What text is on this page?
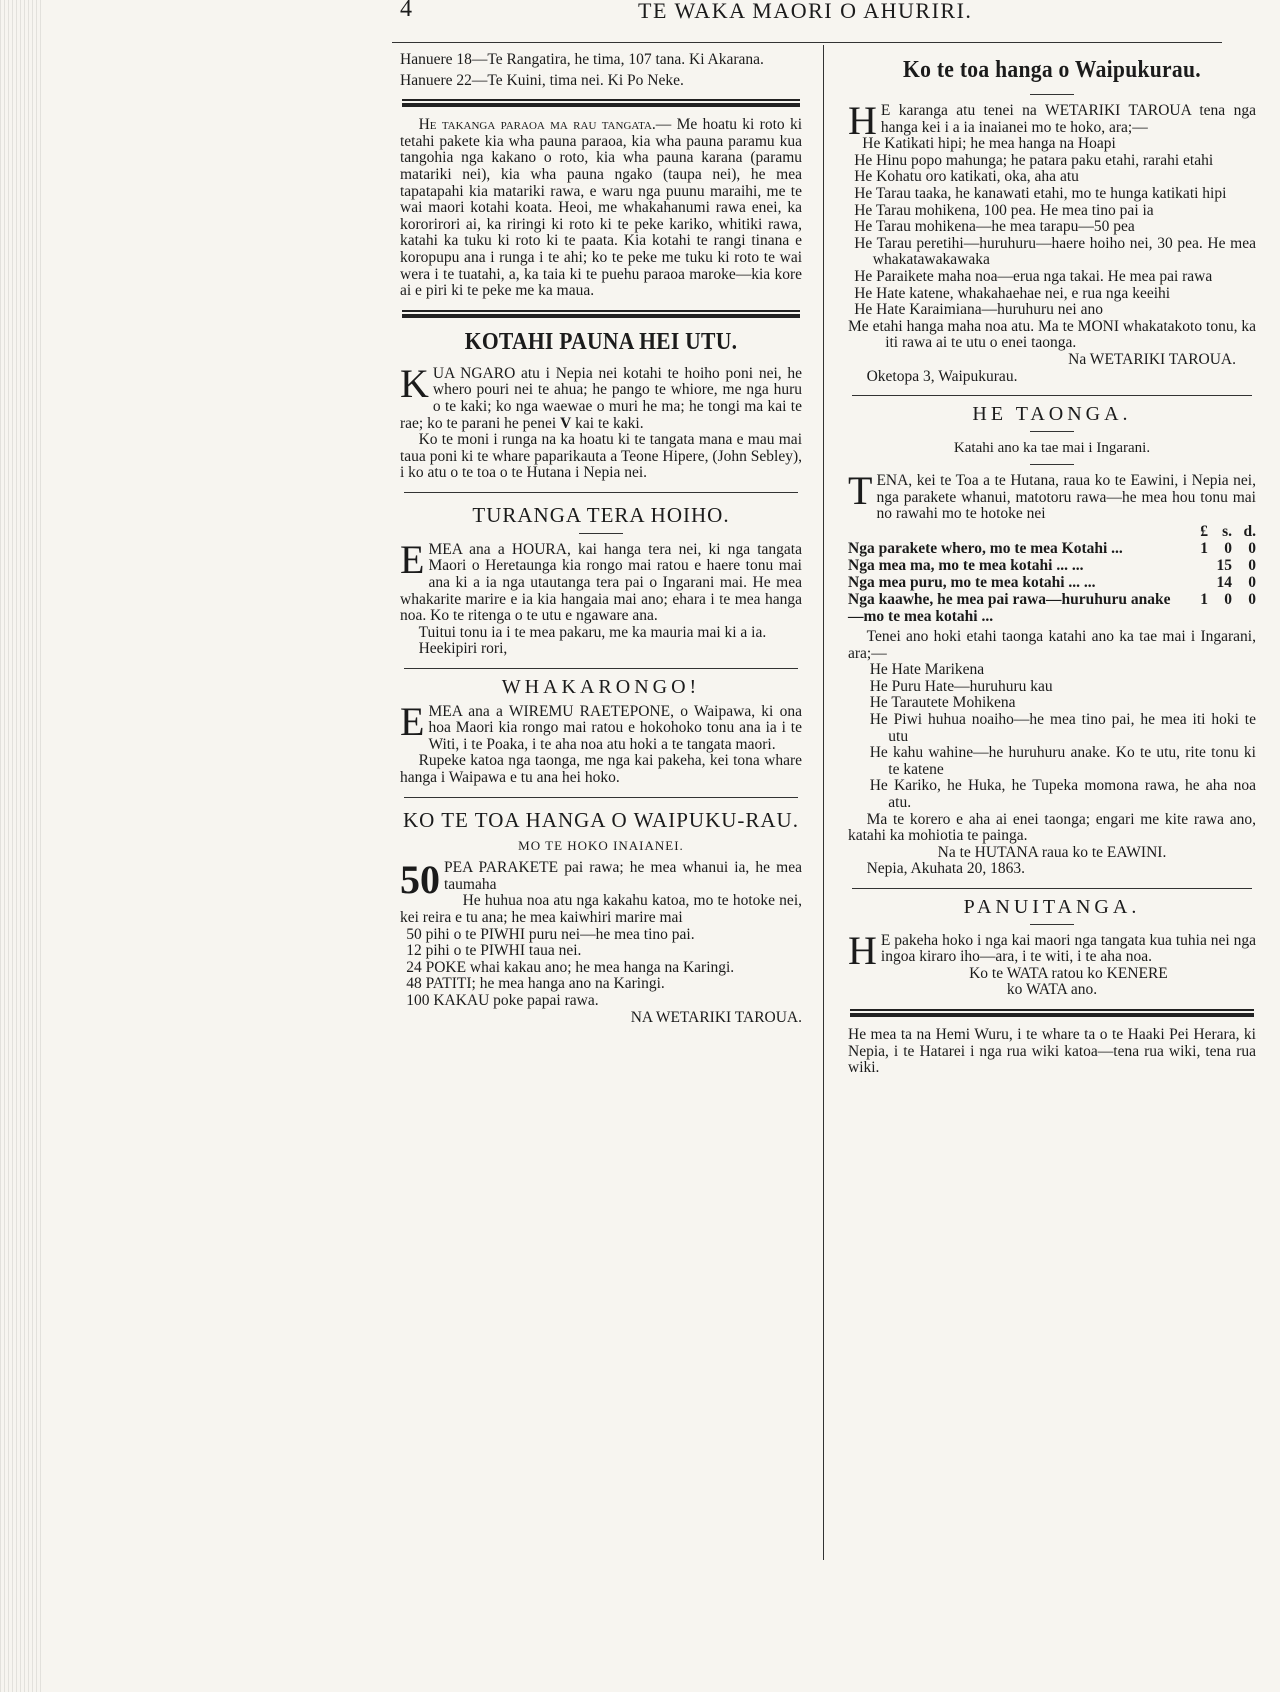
4	TE WAKA MAORI O AHURIRI.

Hanuere 18—Te Rangatira, he tima, 107 tana. Ki Akarana.

Hanuere 22—Te Kuini, tima nei. Ki Po Neke.

He takanga paraoa ma rau tangata.— Me hoatu ki roto ki tetahi pakete kia wha pauna paraoa, kia wha pauna paramu kua tangohia nga kakano o roto, kia wha pauna karana (paramu matariki nei), kia wha pauna ngako (taupa nei), he mea tapatapahi kia matariki rawa, e waru nga puunu maraihi, me te wai maori kotahi koata. Heoi, me whakahanumi rawa enei, ka kororirori ai, ka riringi ki roto ki te peke kariko, whitiki rawa, katahi ka tuku ki roto ki te paata. Kia kotahi te rangi tinana e koropupu ana i runga i te ahi; ko te peke me tuku ki roto te wai wera i te tuatahi, a, ka taia ki te puehu paraoa maroke—kia kore ai e piri ki te peke me ka maua.

KOTAHI PAUNA HEI UTU.

KUA NGARO atu i Nepia nei kotahi te hoiho poni nei, he whero pouri nei te ahua; he pango te whiore, me nga huru o te kaki; ko nga waewae o muri he ma; he tongi ma kai te rae; ko te parani he penei V kai te kaki.

Ko te moni i runga na ka hoatu ki te tangata mana e mau mai taua poni ki te whare paparikauta a Teone Hipere, (John Sebley), i ko atu o te toa o te Hutana i Nepia nei.

TURANGA TERA HOIHO.

EMEA ana a HOURA, kai hanga tera nei, ki nga tangata Maori o Heretaunga kia rongo mai ratou e haere tonu mai ana ki a ia nga utautanga tera pai o Ingarani mai. He mea whakarite marire e ia kia hangaia mai ano; ehara i te mea hanga noa. Ko te ritenga o te utu e ngaware ana.

Tuitui tonu ia i te mea pakaru, me ka mauria mai ki a ia.

Heekipiri rori,

WHAKARONGO!

EMEA ana a WIREMU RAETEPONE, o Waipawa, ki ona hoa Maori kia rongo mai ratou e hokohoko tonu ana ia i te Witi, i te Poaka, i te aha noa atu hoki a te tangata maori.

Rupeke katoa nga taonga, me nga kai pakeha, kei tona whare hanga i Waipawa e tu ana hei hoko.

KO TE TOA HANGA O WAIPUKU-RAU.
MO TE HOKO INAIANEI.

50 PEA PARAKETE pai rawa; he mea whanui ia, he mea taumaha

He huhua noa atu nga kakahu katoa, mo te hotoke nei, kei reira e tu ana; he mea kaiwhiri marire mai

50 pihi o te PIWHI puru nei—he mea tino pai.

12 pihi o te PIWHI taua nei.

24 POKE whai kakau ano; he mea hanga na Karingi.

48 PATITI; he mea hanga ano na Karingi.

100 KAKAU poke papai rawa.

NA WETARIKI TAROUA.

Ko te toa hanga o Waipukurau.

H E karanga atu tenei na WETARIKI TAROUA tena nga hanga kei i a ia inaianei mo te hoko, ara;—

He Katikati hipi; he mea hanga na Hoapi

He Hinu popo mahunga; he patara paku etahi, rarahi etahi

He Kohatu oro katikati, oka, aha atu

He Tarau taaka, he kanawati etahi, mo te hunga katikati hipi

He Tarau mohikena, 100 pea. He mea tino pai ia

He Tarau mohikena—he mea tarapu—50 pea

He Tarau peretihi—huruhuru—haere hoiho nei, 30 pea. He mea whakatawakawaka

He Paraikete maha noa—erua nga takai. He mea pai rawa

He Hate katene, whakahaehae nei, e rua nga keeihi

He Hate Karaimiana—huruhuru nei ano

Me etahi hanga maha noa atu. Ma te MONI whakatakoto tonu, ka iti rawa ai te utu o enei taonga.

Na WETARIKI TAROUA.

Oketopa 3, Waipukurau.

HE TAONGA.
Katahi ano ka tae mai i Ingarani.

TENA, kei te Toa a te Hutana, raua ko te Eawini, i Nepia nei, nga parakete whanui, matotoru rawa—he mea hou tonu mai no rawahi mo te hotoke nei

	£	s.	d.
Nga parakete whero, mo te mea Kotahi ...	1	0	0
Nga mea ma, mo te mea kotahi ... ...		15	0
Nga mea puru, mo te mea kotahi ... ...		14	0
Nga kaawhe, he mea pai rawa—huruhuru anake—mo te mea kotahi ...	1	0	0

Tenei ano hoki etahi taonga katahi ano ka tae mai i Ingarani, ara;—

He Hate Marikena

He Puru Hate—huruhuru kau

He Tarautete Mohikena

He Piwi huhua noaiho—he mea tino pai, he mea iti hoki te utu

He kahu wahine—he huruhuru anake. Ko te utu, rite tonu ki te katene

He Kariko, he Huka, he Tupeka momona rawa, he aha noa atu.

Ma te korero e aha ai enei taonga; engari me kite rawa ano, katahi ka mohiotia te painga.

Na te HUTANA raua ko te EAWINI.

Nepia, Akuhata 20, 1863.

PANUITANGA.

H E pakeha hoko i nga kai maori nga tangata kua tuhia nei nga ingoa kiraro iho—ara, i te witi, i te aha noa.

Ko te WATA ratou ko KENERE

ko WATA ano.

He mea ta na Hemi Wuru, i te whare ta o te Haaki Pei Herara, ki Nepia, i te Hatarei i nga rua wiki katoa—tena rua wiki, tena rua wiki.
